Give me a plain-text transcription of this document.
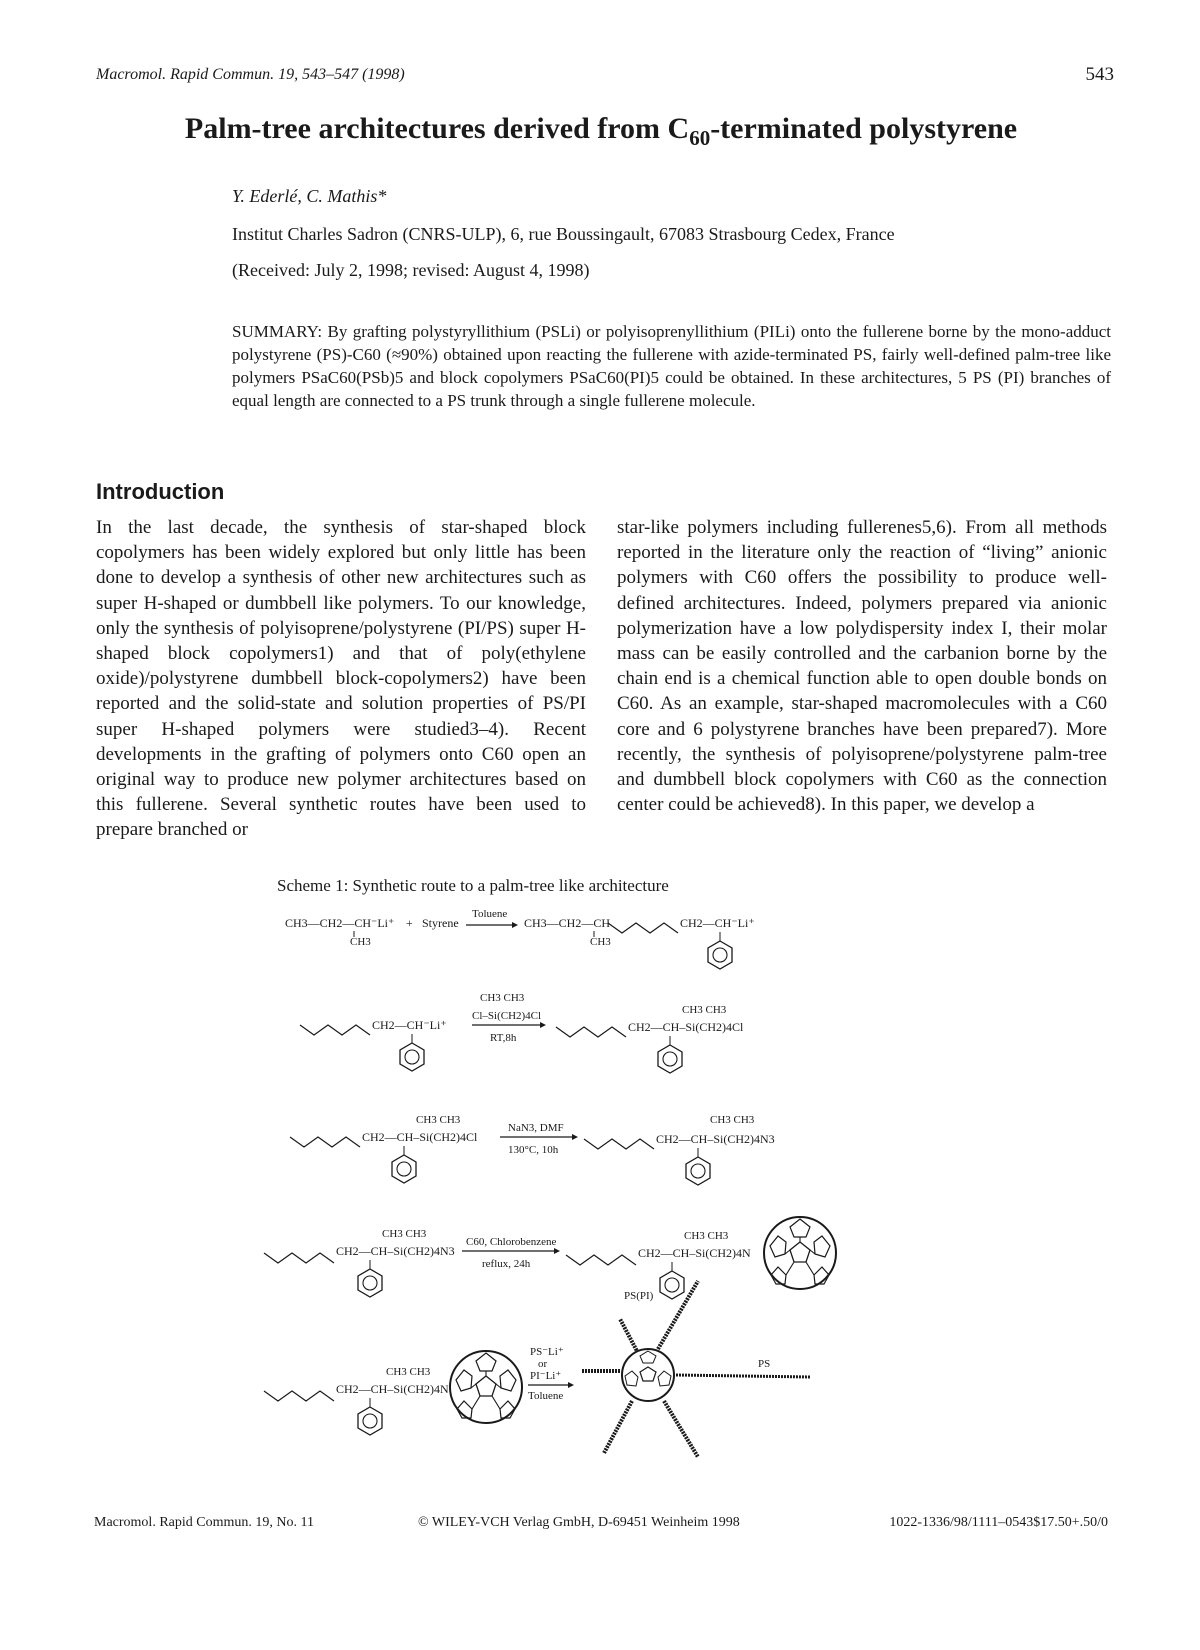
Macromol. Rapid Commun. 19, 543–547 (1998)	543
Palm-tree architectures derived from $C_{60}$-terminated polystyrene
Y. Ederlé, C. Mathis*
Institut Charles Sadron (CNRS-ULP), 6, rue Boussingault, 67083 Strasbourg Cedex, France
(Received: July 2, 1998; revised: August 4, 1998)
SUMMARY: By grafting polystyryllithium (PSLi) or polyisoprenyllithium (PILi) onto the fullerene borne by the mono-adduct polystyrene (PS)-C60 (≈90%) obtained upon reacting the fullerene with azide-terminated PS, fairly well-defined palm-tree like polymers PSaC60(PSb)5 and block copolymers PSaC60(PI)5 could be obtained. In these architectures, 5 PS (PI) branches of equal length are connected to a PS trunk through a single fullerene molecule.
Introduction
In the last decade, the synthesis of star-shaped block copolymers has been widely explored but only little has been done to develop a synthesis of other new architectures such as super H-shaped or dumbbell like polymers. To our knowledge, only the synthesis of polyisoprene/polystyrene (PI/PS) super H-shaped block copolymers1) and that of poly(ethylene oxide)/polystyrene dumbbell block-copolymers2) have been reported and the solid-state and solution properties of PS/PI super H-shaped polymers were studied3–4). Recent developments in the grafting of polymers onto C60 open an original way to produce new polymer architectures based on this fullerene. Several synthetic routes have been used to prepare branched or
star-like polymers including fullerenes5,6). From all methods reported in the literature only the reaction of “living” anionic polymers with C60 offers the possibility to produce well-defined architectures. Indeed, polymers prepared via anionic polymerization have a low polydispersity index I, their molar mass can be easily controlled and the carbanion borne by the chain end is a chemical function able to open double bonds on C60. As an example, star-shaped macromolecules with a C60 core and 6 polystyrene branches have been prepared7). More recently, the synthesis of polyisoprene/polystyrene palm-tree and dumbbell block copolymers with C60 as the connection center could be achieved8). In this paper, we develop a
Scheme 1: Synthetic route to a palm-tree like architecture
CH3—CH2—CH⁻Li⁺
CH3
+ Styrene
Toluene
CH3—CH2—CH
CH3
CH2—CH⁻Li⁺
CH2—CH⁻Li⁺
CH3 CH3
Cl–Si(CH2)4Cl
RT,8h
CH3 CH3
CH2—CH–Si(CH2)4Cl
CH3 CH3
CH2—CH–Si(CH2)4Cl
NaN3, DMF
130°C, 10h
CH3 CH3
CH2—CH–Si(CH2)4N3
CH3 CH3
CH2—CH–Si(CH2)4N3
C60, Chlorobenzene
reflux, 24h
CH3 CH3
CH2—CH–Si(CH2)4N
CH3 CH3
CH2—CH–Si(CH2)4N
PS⁻Li⁺
or
PI⁻Li⁺
Toluene
PS(PI)
PS
Macromol. Rapid Commun. 19, No. 11	© WILEY-VCH Verlag GmbH, D-69451 Weinheim 1998	1022-1336/98/1111–0543$17.50+.50/0
